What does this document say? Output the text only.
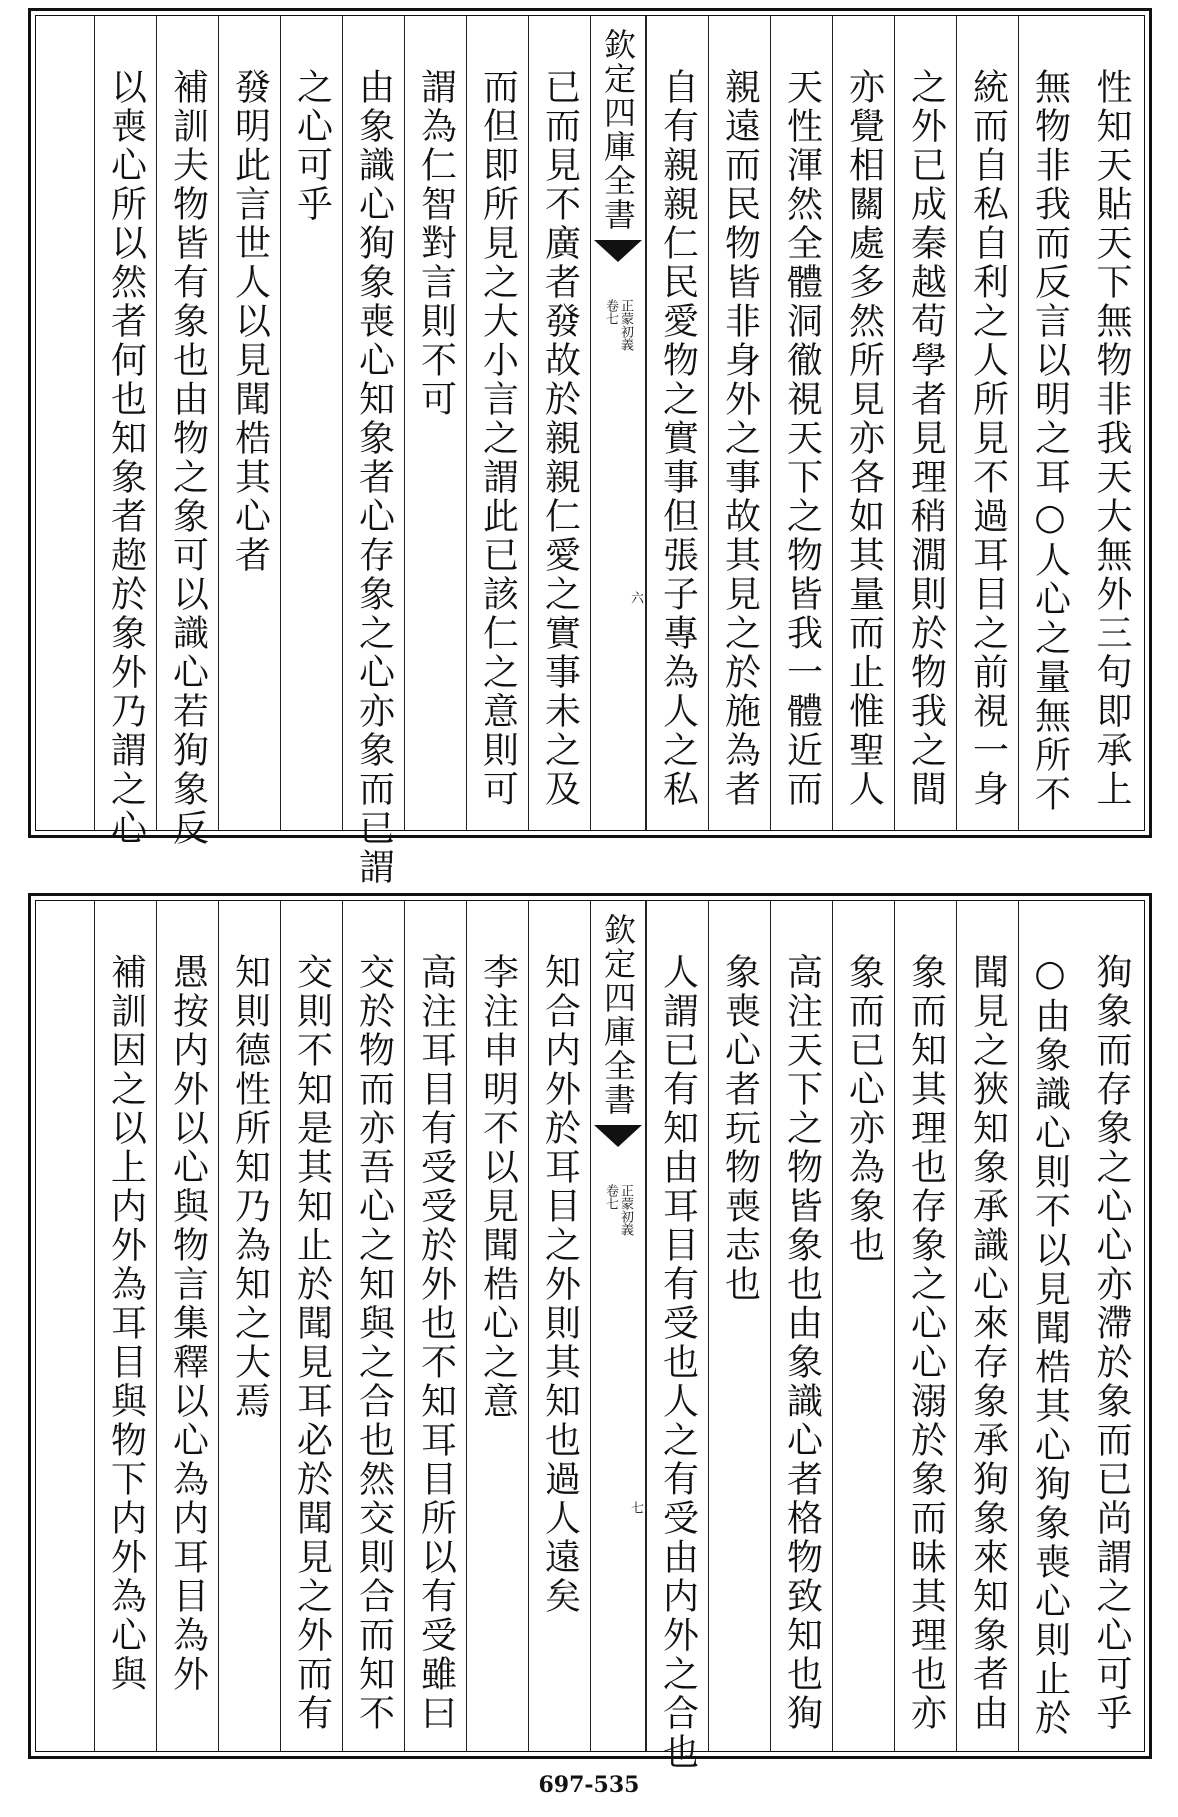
性知天貼天下無物非我天大無外三句即承上
無物非我而反言以明之耳○人心之量無所不
統而自私自利之人所見不過耳目之前視一身
之外已成秦越苟學者見理稍㵎則於物我之間
亦覺相關處多然所見亦各如其量而止惟聖人
天性渾然全體洞徹視天下之物皆我一體近而
親遠而民物皆非身外之事故其見之於施為者
自有親親仁民愛物之實事但張子專為人之私
欽定四庫全書
正蒙初義
卷七
六
已而見不廣者發故於親親仁愛之實事未之及
而但即所見之大小言之謂此已該仁之意則可
謂為仁智對言則不可
由象識心狥象喪心知象者心存象之心亦象而已謂
之心可乎
發明此言世人以見聞梏其心者
補訓夫物皆有象也由物之象可以識心若狥象反
以喪心所以然者何也知象者趂於象外乃謂之心
狥象而存象之心心亦滯於象而已尚謂之心可乎
○由象識心則不以見聞梏其心狥象喪心則止於
聞見之狹知象承識心來存象承狥象來知象者由
象而知其理也存象之心心溺於象而昧其理也亦
象而已心亦為象也
高注天下之物皆象也由象識心者格物致知也狥
象喪心者玩物喪志也
人謂已有知由耳目有受也人之有受由内外之合也
欽定四庫全書
正蒙初義
卷七
七
知合内外於耳目之外則其知也過人遠矣
李注申明不以見聞梏心之意
高注耳目有受受於外也不知耳目所以有受雖曰
交於物而亦吾心之知與之合也然交則合而知不
交則不知是其知止於聞見耳必於聞見之外而有
知則德性所知乃為知之大焉
愚按内外以心與物言集釋以心為内耳目為外
補訓因之以上内外為耳目與物下内外為心與
697-535
